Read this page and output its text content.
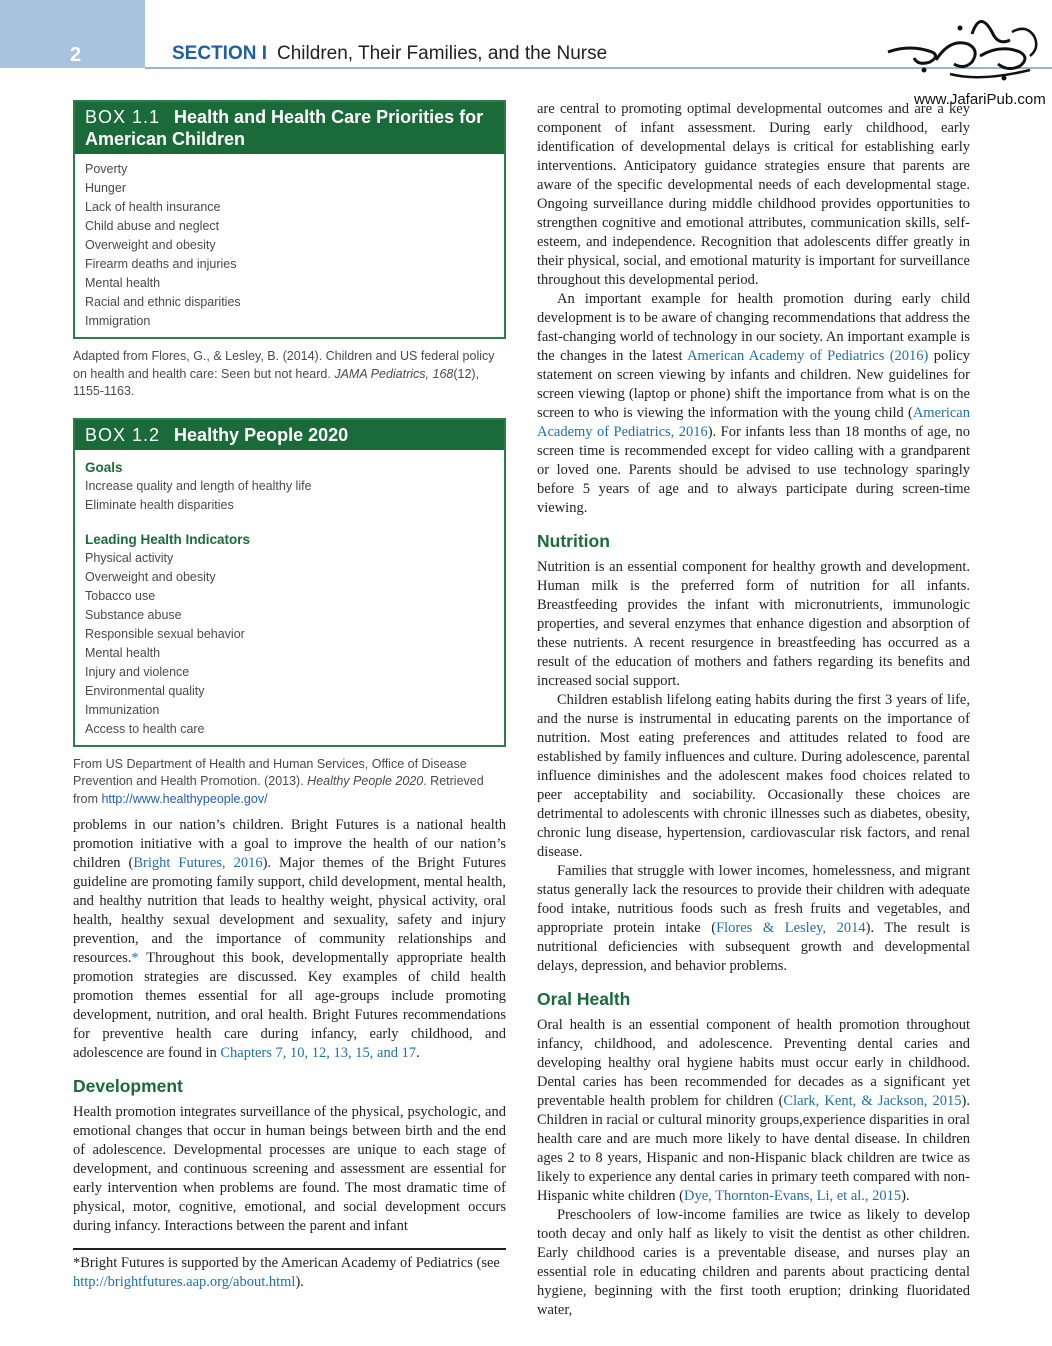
2	SECTION I Children, Their Families, and the Nurse
www.JafariPub.com
BOX 1.1 Health and Health Care Priorities for American Children
Poverty
Hunger
Lack of health insurance
Child abuse and neglect
Overweight and obesity
Firearm deaths and injuries
Mental health
Racial and ethnic disparities
Immigration

Adapted from Flores, G., & Lesley, B. (2014). Children and US federal policy on health and health care: Seen but not heard. JAMA Pediatrics, 168(12), 1155-1163.

BOX 1.2 Healthy People 2020
Goals
Increase quality and length of healthy life
Eliminate health disparities
Leading Health Indicators
Physical activity
Overweight and obesity
Tobacco use
Substance abuse
Responsible sexual behavior
Mental health
Injury and violence
Environmental quality
Immunization
Access to health care

From US Department of Health and Human Services, Office of Disease Prevention and Health Promotion. (2013). Healthy People 2020. Retrieved from http://www.healthypeople.gov/

problems in our nation’s children. Bright Futures is a national health promotion initiative with a goal to improve the health of our nation’s children (Bright Futures, 2016). Major themes of the Bright Futures guideline are promoting family support, child development, mental health, and healthy nutrition that leads to healthy weight, physical activity, oral health, healthy sexual development and sexuality, safety and injury prevention, and the importance of community relationships and resources.* Throughout this book, developmentally appropriate health promotion strategies are discussed. Key examples of child health promotion themes essential for all age-groups include promoting development, nutrition, and oral health. Bright Futures recommendations for preventive health care during infancy, early childhood, and adolescence are found in Chapters 7, 10, 12, 13, 15, and 17.

Development

Health promotion integrates surveillance of the physical, psychologic, and emotional changes that occur in human beings between birth and the end of adolescence. Developmental processes are unique to each stage of development, and continuous screening and assessment are essential for early intervention when problems are found. The most dramatic time of physical, motor, cognitive, emotional, and social development occurs during infancy. Interactions between the parent and infant

*Bright Futures is supported by the American Academy of Pediatrics (see http://brightfutures.aap.org/about.html).

are central to promoting optimal developmental outcomes and are a key component of infant assessment. During early childhood, early identification of developmental delays is critical for establishing early interventions. Anticipatory guidance strategies ensure that parents are aware of the specific developmental needs of each developmental stage. Ongoing surveillance during middle childhood provides opportunities to strengthen cognitive and emotional attributes, communication skills, self-esteem, and independence. Recognition that adolescents differ greatly in their physical, social, and emotional maturity is important for surveillance throughout this developmental period.

An important example for health promotion during early child development is to be aware of changing recommendations that address the fast-changing world of technology in our society. An important example is the changes in the latest American Academy of Pediatrics (2016) policy statement on screen viewing by infants and children. New guidelines for screen viewing (laptop or phone) shift the importance from what is on the screen to who is viewing the information with the young child (American Academy of Pediatrics, 2016). For infants less than 18 months of age, no screen time is recommended except for video calling with a grandparent or loved one. Parents should be advised to use technology sparingly before 5 years of age and to always participate during screen-time viewing.

Nutrition

Nutrition is an essential component for healthy growth and development. Human milk is the preferred form of nutrition for all infants. Breastfeeding provides the infant with micronutrients, immunologic properties, and several enzymes that enhance digestion and absorption of these nutrients. A recent resurgence in breastfeeding has occurred as a result of the education of mothers and fathers regarding its benefits and increased social support.

Children establish lifelong eating habits during the first 3 years of life, and the nurse is instrumental in educating parents on the importance of nutrition. Most eating preferences and attitudes related to food are established by family influences and culture. During adolescence, parental influence diminishes and the adolescent makes food choices related to peer acceptability and sociability. Occasionally these choices are detrimental to adolescents with chronic illnesses such as diabetes, obesity, chronic lung disease, hypertension, cardiovascular risk factors, and renal disease.

Families that struggle with lower incomes, homelessness, and migrant status generally lack the resources to provide their children with adequate food intake, nutritious foods such as fresh fruits and vegetables, and appropriate protein intake (Flores & Lesley, 2014). The result is nutritional deficiencies with subsequent growth and developmental delays, depression, and behavior problems.

Oral Health

Oral health is an essential component of health promotion throughout infancy, childhood, and adolescence. Preventing dental caries and developing healthy oral hygiene habits must occur early in childhood. Dental caries has been recommended for decades as a significant yet preventable health problem for children (Clark, Kent, & Jackson, 2015). Children in racial or cultural minority groups,experience disparities in oral health care and are much more likely to have dental disease. In children ages 2 to 8 years, Hispanic and non-Hispanic black children are twice as likely to experience any dental caries in primary teeth compared with non-Hispanic white children (Dye, Thornton-Evans, Li, et al., 2015).

Preschoolers of low-income families are twice as likely to develop tooth decay and only half as likely to visit the dentist as other children. Early childhood caries is a preventable disease, and nurses play an essential role in educating children and parents about practicing dental hygiene, beginning with the first tooth eruption; drinking fluoridated water,
